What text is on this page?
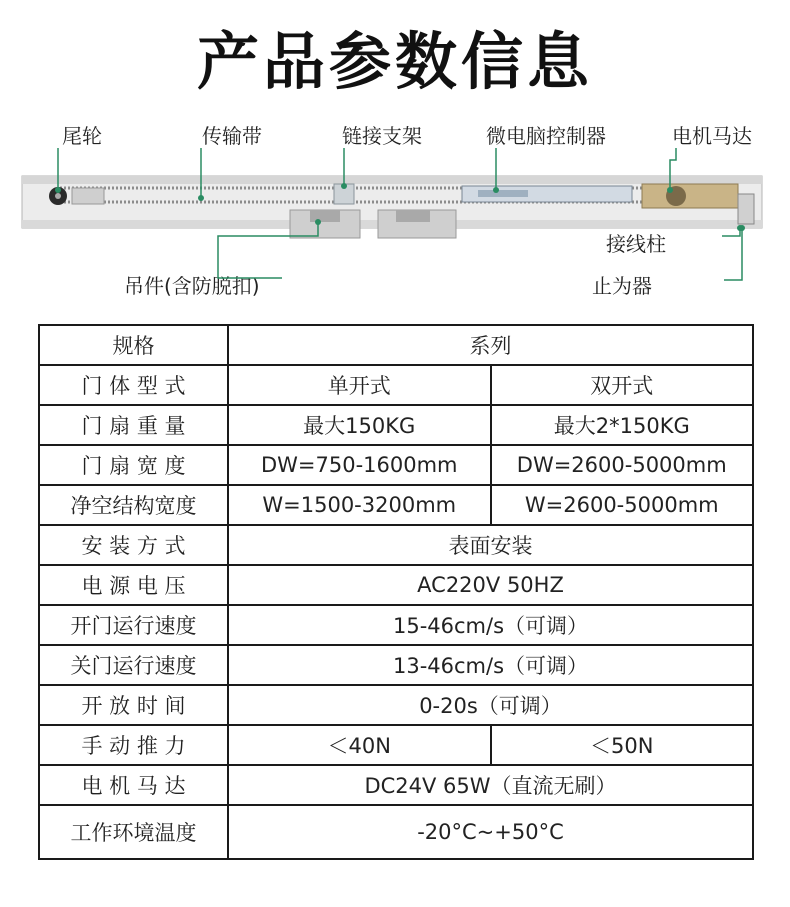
产品参数信息
尾轮	传输带	链接支架	微电脑控制器	电机马达
接线柱
止为器
吊件(含防脱扣)
规格	系列	
门 体 型 式	单开式	双开式
门 扇 重 量	最大150KG	最大2*150KG
门 扇 宽 度	DW=750-1600mm	DW=2600-5000mm
净空结构宽度	W=1500-3200mm	W=2600-5000mm
安 装 方 式	表面安装	
电 源 电 压	AC220V 50HZ	
开门运行速度	15-46cm/s（可调）	
关门运行速度	13-46cm/s（可调）	
开 放 时 间	0-20s（可调）	
手 动 推 力	＜40N	＜50N
电 机 马 达	DC24V 65W（直流无刷）	
工作环境温度	-20°C~+50°C	
